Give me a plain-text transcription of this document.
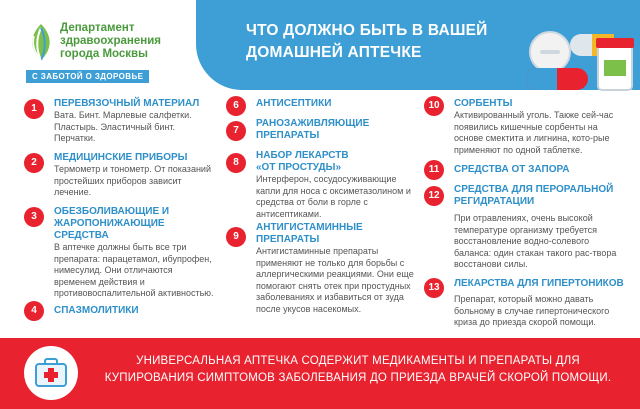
Департамент здравоохранения города Москвы
С ЗАБОТОЙ О ЗДОРОВЬЕ
ЧТО ДОЛЖНО БЫТЬ В ВАШЕЙ
ДОМАШНЕЙ АПТЕЧКЕ
1	ПЕРЕВЯЗОЧНЫЙ МАТЕРИАЛ
Вата. Бинт. Марлевые салфетки. Пластырь. Эластичный бинт. Перчатки.
2	МЕДИЦИНСКИЕ ПРИБОРЫ
Термометр и тонометр. От показаний простейших приборов зависит лечение.
3	ОБЕЗБОЛИВАЮЩИЕ И ЖАРОПОНИЖАЮЩИЕ СРЕДСТВА
В аптечке должны быть все три препарата: парацетамол, ибупрофен, нимесулид. Они отличаются временем действия и противовоспалительной активностью.
4	СПАЗМОЛИТИКИ
6	АНТИСЕПТИКИ
7
РАНОЗАЖИВЛЯЮЩИЕ ПРЕПАРАТЫ
8
НАБОР ЛЕКАРСТВ «ОТ ПРОСТУДЫ»
Интерферон, сосудосуживающие капли для носа с оксиметазолином и средства от боли в горле с антисептиками.
9
АНТИГИСТАМИННЫЕ ПРЕПАРАТЫ
Антигистаминные препараты применяют не только для борьбы с аллергическими реакциями. Они еще помогают снять отек при простудных заболеваниях и избавиться от зуда после укусов насекомых.
10	СОРБЕНТЫ
Активированный уголь. Также сей-час появились кишечные сорбенты на основе смектита и лигнина, кото-рые применяют по одной таблетке.
11	СРЕДСТВА ОТ ЗАПОРА
12
СРЕДСТВА ДЛЯ ПЕРОРАЛЬНОЙ РЕГИДРАТАЦИИ
При отравлениях, очень высокой температуре организму требуется восстановление водно-солевого баланса: один стакан такого рас-твора восстанови силы.
13	ЛЕКАРСТВА ДЛЯ ГИПЕРТОНИКОВ
Препарат, который можно давать больному в случае гипертонического криза до приезда скорой помощи.
УНИВЕРСАЛЬНАЯ АПТЕЧКА СОДЕРЖИТ МЕДИКАМЕНТЫ И ПРЕПАРАТЫ ДЛЯ КУПИРОВАНИЯ СИМПТОМОВ ЗАБОЛЕВАНИЯ ДО ПРИЕЗДА ВРАЧЕЙ СКОРОЙ ПОМОЩИ.
